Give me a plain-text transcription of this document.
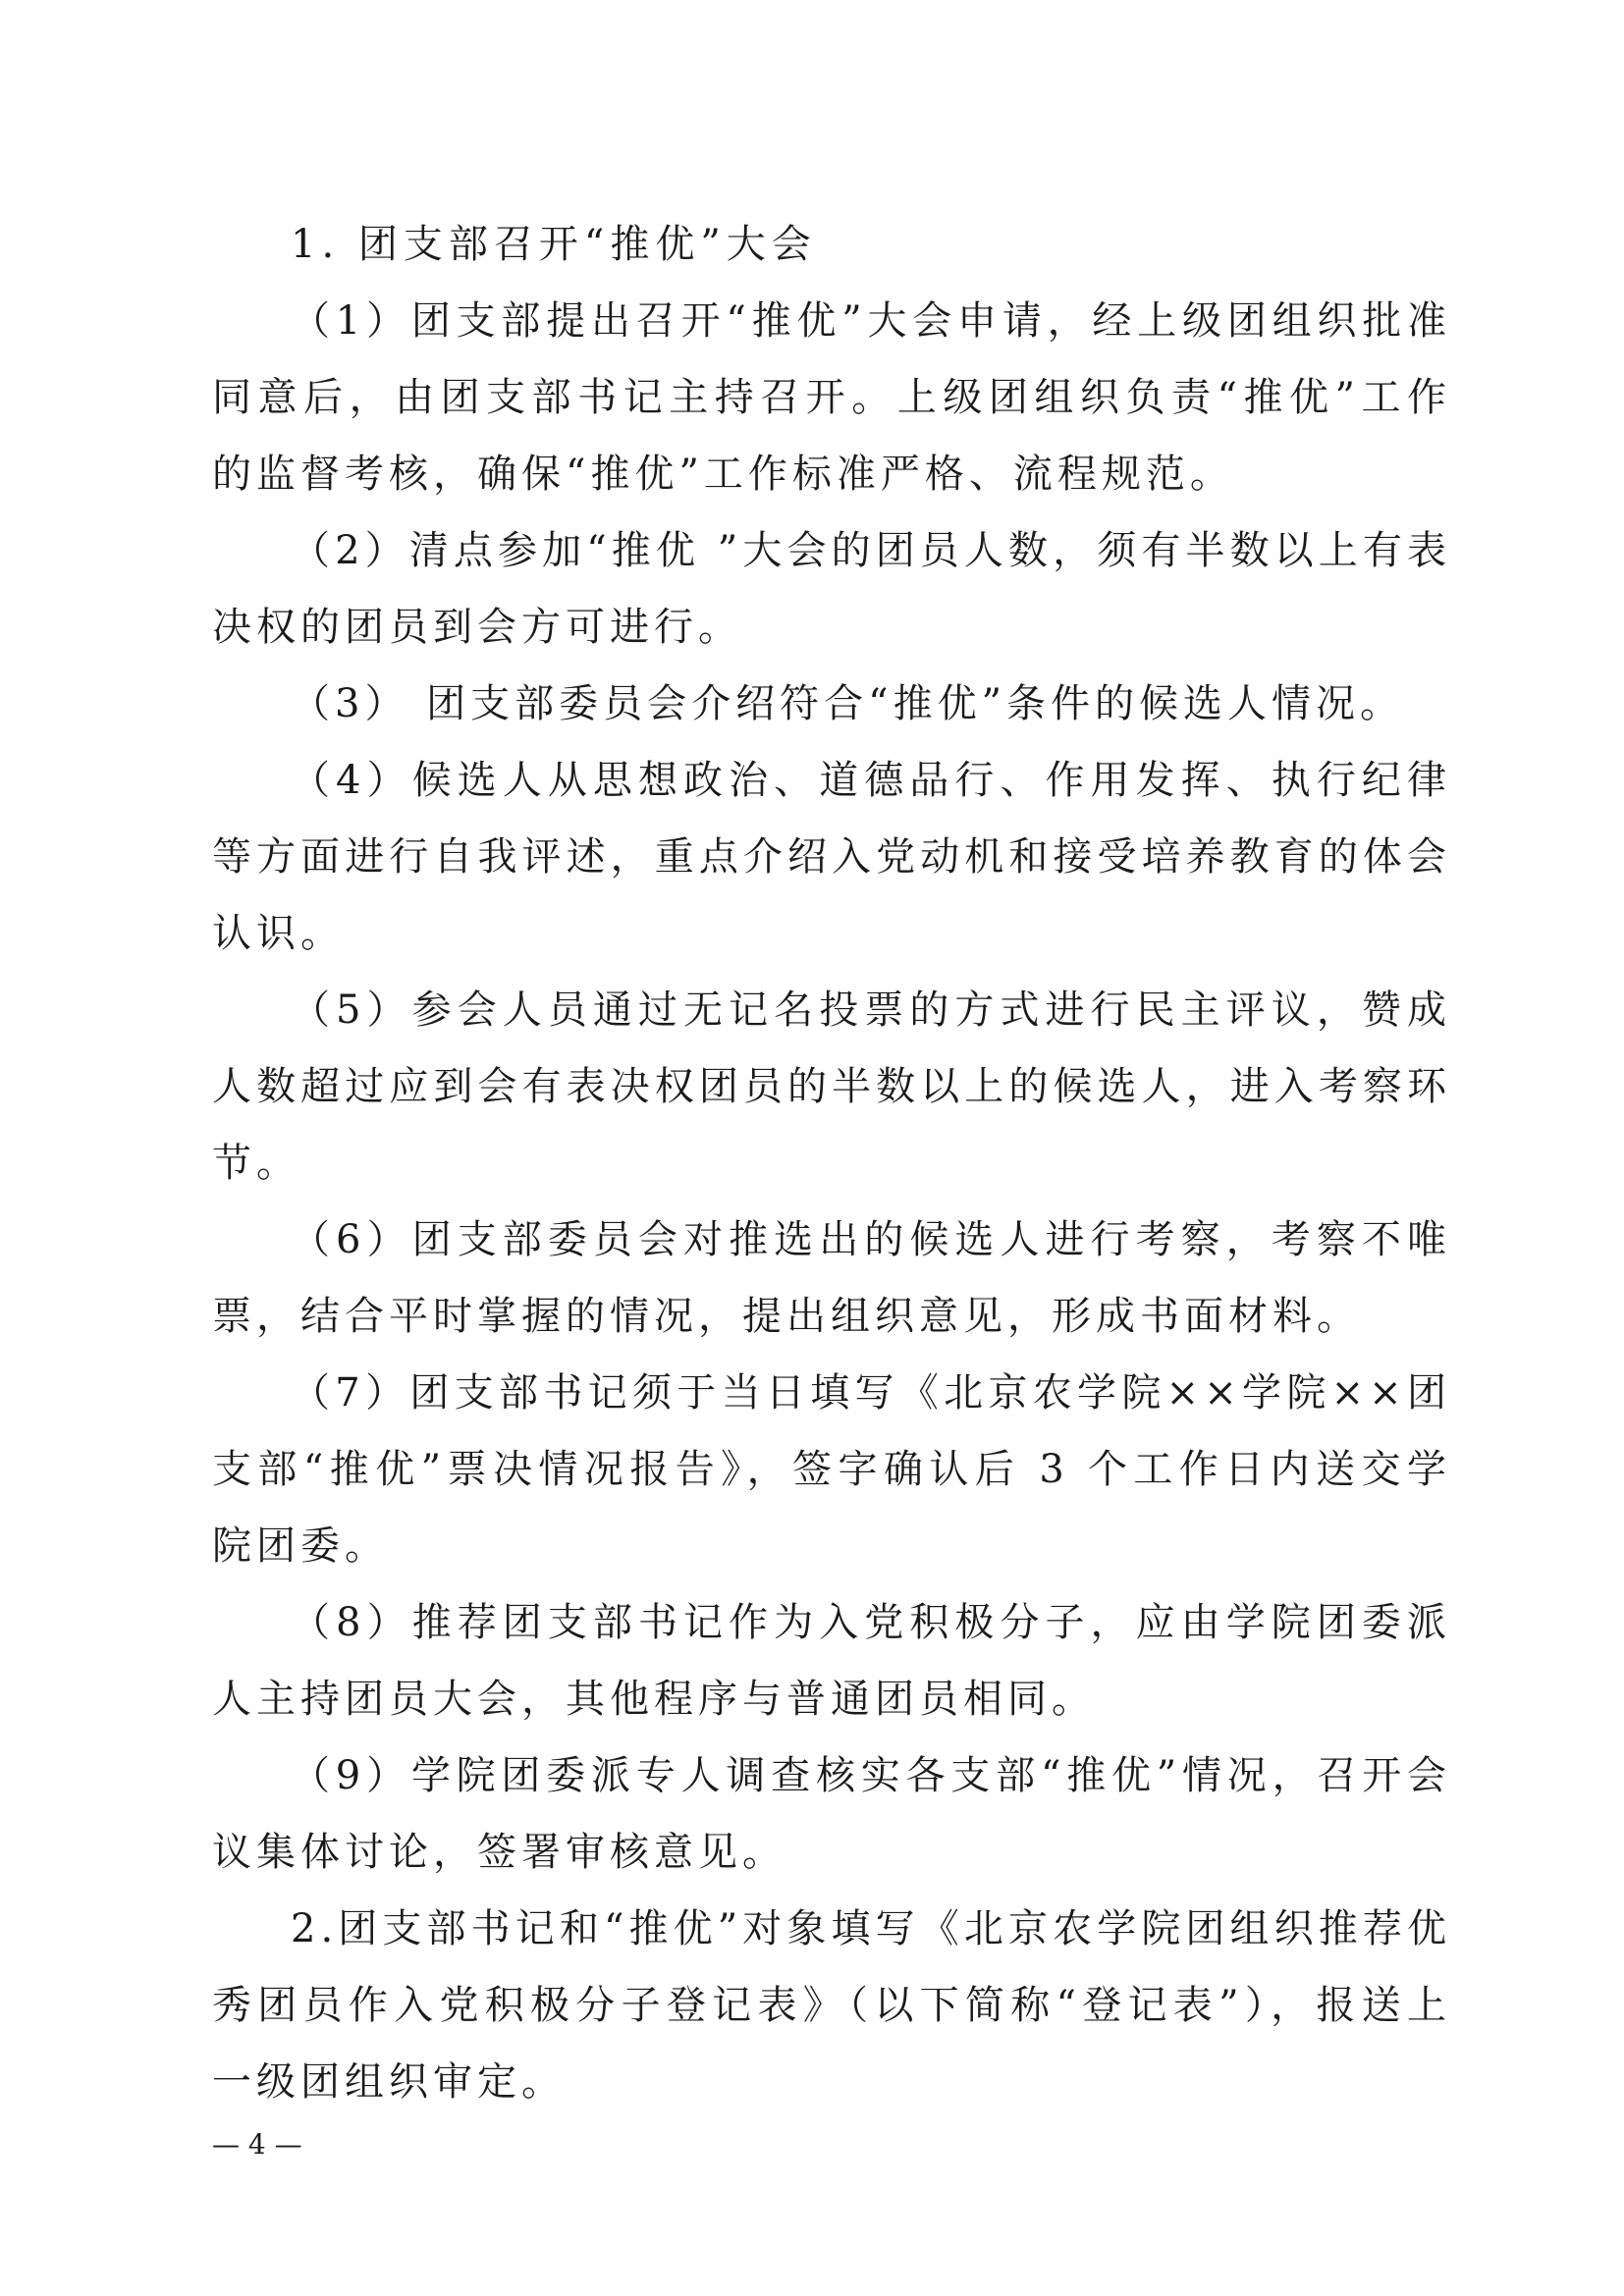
1. 团支部召开“推优”大会

（1）团支部提出召开“推优”大会申请，经上级团组织批准同意后，由团支部书记主持召开。上级团组织负责“推优”工作的监督考核，确保“推优”工作标准严格、流程规范。

（2）清点参加“推优 ”大会的团员人数，须有半数以上有表决权的团员到会方可进行。

（3） 团支部委员会介绍符合“推优”条件的候选人情况。

（4）候选人从思想政治、道德品行、作用发挥、执行纪律等方面进行自我评述，重点介绍入党动机和接受培养教育的体会认识。

（5）参会人员通过无记名投票的方式进行民主评议，赞成人数超过应到会有表决权团员的半数以上的候选人，进入考察环节。

（6）团支部委员会对推选出的候选人进行考察，考察不唯票，结合平时掌握的情况，提出组织意见，形成书面材料。

（7）团支部书记须于当日填写《北京农学院××学院××团支部“推优”票决情况报告》，签字确认后 3 个工作日内送交学院团委。

（8）推荐团支部书记作为入党积极分子，应由学院团委派人主持团员大会，其他程序与普通团员相同。

（9）学院团委派专人调查核实各支部“推优”情况，召开会议集体讨论，签署审核意见。

2.团支部书记和“推优”对象填写《北京农学院团组织推荐优秀团员作入党积极分子登记表》（以下简称“登记表”），报送上一级团组织审定。

— 4 —
